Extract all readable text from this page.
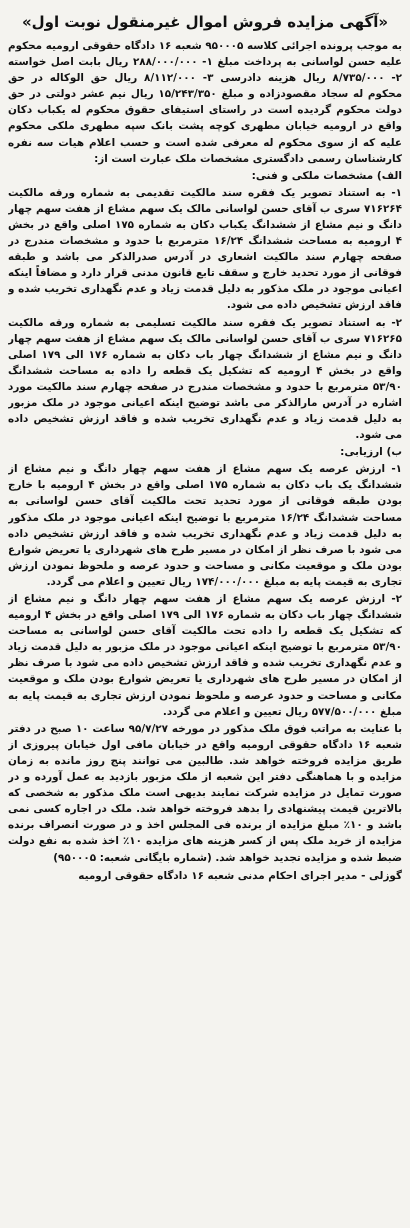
«آگهی مزایده فروش اموال غیرمنقول نوبت اول»

به موجب پرونده اجرائی کلاسه ۹۵۰۰۰۵ شعبه ۱۶ دادگاه حقوقی ارومیه محکوم علیه حسن لواسانی به پرداخت مبلغ ۱- ۲۸۸/۰۰۰/۰۰۰ ریال بابت اصل خواسته ۲- ۸/۷۳۵/۰۰۰ ریال هزینه دادرسی ۳- ۸/۱۱۲/۰۰۰ ریال حق الوکاله در حق محکوم له سجاد مقصودزاده و مبلغ ۱۵/۲۴۳/۳۵۰ ریال نیم عشر دولتی در حق دولت محکوم گردیده است در راستای استیفای حقوق محکوم له یکباب دکان واقع در ارومیه خیابان مطهری کوچه پشت بانک سپه مطهری ملکی محکوم علیه که از سوی محکوم له معرفی شده است و حسب اعلام هیات سه نفره کارشناسان رسمی دادگستری مشخصات ملک عبارت است از:

الف) مشخصات ملکی و فنی:

۱- به استناد تصویر یک فقره سند مالکیت تقدیمی به شماره ورقه مالکیت ۷۱۶۲۶۴ سری ب آقای حسن لواسانی مالک یک سهم مشاع از هفت سهم چهار دانگ و نیم مشاع از ششدانگ یکباب دکان به شماره ۱۷۵ اصلی واقع در بخش ۴ ارومیه به مساحت ششدانگ ۱۶/۲۴ مترمربع با حدود و مشخصات مندرج در صفحه چهارم سند مالکیت اشعاری در آدرس صدرالذکر می باشد و طبقه فوقانی از مورد تحدید خارج و سقف تابع قانون مدنی قرار دارد و مضافاً اینکه اعیانی موجود در ملک مذکور به دلیل قدمت زیاد و عدم نگهداری تخریب شده و فاقد ارزش تشخیص داده می شود.

۲- به استناد تصویر یک فقره سند مالکیت تسلیمی به شماره ورقه مالکیت ۷۱۶۲۶۵ سری ب آقای حسن لواسانی مالک یک سهم مشاع از هفت سهم چهار دانگ و نیم مشاع از ششدانگ چهار باب دکان به شماره ۱۷۶ الی ۱۷۹ اصلی واقع در بخش ۴ ارومیه که تشکیل یک قطعه را داده به مساحت ششدانگ ۵۳/۹۰ مترمربع با حدود و مشخصات مندرج در صفحه چهارم سند مالکیت مورد اشاره در آدرس مارالذکر می باشد توضیح اینکه اعیانی موجود در ملک مزبور به دلیل قدمت زیاد و عدم نگهداری تخریب شده و فاقد ارزش تشخیص داده می شود.

ب) ارزیابی:

۱- ارزش عرصه یک سهم مشاع از هفت سهم چهار دانگ و نیم مشاع از ششدانگ یک باب دکان به شماره ۱۷۵ اصلی واقع در بخش ۴ ارومیه با خارج بودن طبقه فوقانی از مورد تحدید تحت مالکیت آقای حسن لواسانی به مساحت ششدانگ ۱۶/۲۴ مترمربع با توضیح اینکه اعیانی موجود در ملک مذکور به دلیل قدمت زیاد و عدم نگهداری تخریب شده و فاقد ارزش تشخیص داده می شود با صرف نظر از امکان در مسیر طرح های شهرداری یا تعریض شوارع بودن ملک و موقعیت مکانی و مساحت و حدود عرصه و ملحوظ نمودن ارزش تجاری به قیمت پایه به مبلغ ۱۷۴/۰۰۰/۰۰۰ ریال تعیین و اعلام می گردد.

۲- ارزش عرصه یک سهم مشاع از هفت سهم چهار دانگ و نیم مشاع از ششدانگ چهار باب دکان به شماره ۱۷۶ الی ۱۷۹ اصلی واقع در بخش ۴ ارومیه که تشکیل یک قطعه را داده تحت مالکیت آقای حسن لواسانی به مساحت ۵۳/۹۰ مترمربع با توضیح اینکه اعیانی موجود در ملک مزبور به دلیل قدمت زیاد و عدم نگهداری تخریب شده و فاقد ارزش تشخیص داده می شود با صرف نظر از امکان در مسیر طرح های شهرداری یا تعریض شوارع بودن ملک و موقعیت مکانی و مساحت و حدود عرصه و ملحوظ نمودن ارزش تجاری به قیمت پایه به مبلغ ۵۷۷/۵۰۰/۰۰۰ ریال تعیین و اعلام می گردد.

با عنایت به مراتب فوق ملک مذکور در مورخه ۹۵/۷/۲۷ ساعت ۱۰ صبح در دفتر شعبه ۱۶ دادگاه حقوقی ارومیه واقع در خیابان مافی اول خیابان پیروزی از طریق مزایده فروخته خواهد شد. طالبین می توانند پنج روز مانده به زمان مزایده و با هماهنگی دفتر این شعبه از ملک مزبور بازدید به عمل آورده و در صورت تمایل در مزایده شرکت نمایند بدیهی است ملک مذکور به شخصی که بالاترین قیمت پیشنهادی را بدهد فروخته خواهد شد. ملک در اجاره کسی نمی باشد و ۱۰٪ مبلغ مزایده از برنده فی المجلس اخذ و در صورت انصراف برنده مزایده از خرید ملک پس از کسر هزینه های مزایده ۱۰٪ اخذ شده به نفع دولت ضبط شده و مزایده تجدید خواهد شد. (شماره بایگانی شعبه: ۹۵۰۰۰۵)

گوزلی - مدیر اجرای احکام مدنی شعبه ۱۶ دادگاه حقوقی ارومیه
